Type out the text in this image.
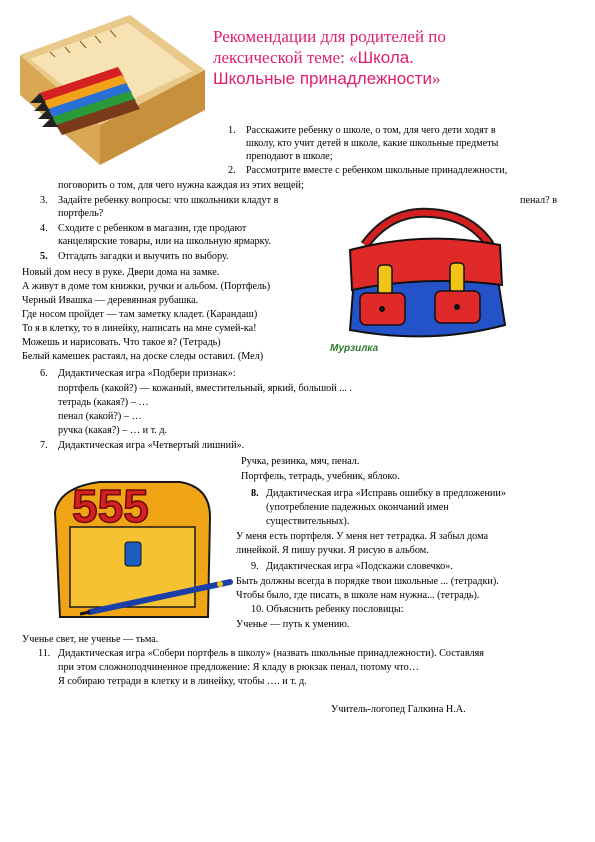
Рекомендации для родителей по
лексической теме: «Школа.
Школьные принадлежности»
1. Расскажите ребенку о школе, о том, для чего дети ходят в
школу, кто учит детей в школе, какие школьные предметы
преподают в школе;
2. Рассмотрите вместе с ребенком школьные принадлежности,
поговорить о том, для чего нужна каждая из этих вещей;
3. Задайте ребенку вопросы: что школьники кладут в	пенал? в
портфель?
4. Сходите с ребенком в магазин, где продают
канцелярские товары, или на школьную ярмарку.
5. Отгадать загадки и выучить по выбору.
Новый дом несу в руке. Двери дома на замке.
А живут в доме том книжки, ручки и альбом. (Портфель)
Черный Ивашка — деревянная рубашка.
Где носом пройдет — там заметку кладет. (Карандаш)
То я в клетку, то в линейку, написать на мне сумей-ка!
Можешь и нарисовать. Что такое я? (Тетрадь)
Белый камешек растаял, на доске следы оставил. (Мел)
Мурзилка
6. Дидактическая игра «Подбери признак»:
портфель (какой?) — кожаный, вместительный, яркий, большой ... .
тетрадь (какая?) – …
пенал (какой?) – …
ручка (какая?) – … и т. д.
7. Дидактическая игра «Четвертый лишний».
Ручка, резинка, мяч, пенал.
Портфель, тетрадь, учебник, яблоко.
555	8. Дидактическая игра «Исправь ошибку в предложении»
(употребление падежных окончаний имен
существительных).
У меня есть портфеля. У меня нет тетрадка. Я забыл дома
линейкой. Я пишу ручки. Я рисую в альбом.
9. Дидактическая игра «Подскажи словечко».
Быть должны всегда в порядке твои школьные ... (тетрадки).
Чтобы было, где писать, в школе нам нужна... (тетрадь).
10. Объяснить ребенку пословицы:
Ученье — путь к умению.
Ученье свет, не ученье — тьма.
11. Дидактическая игра «Собери портфель в школу» (назвать школьные принадлежности). Составляя
при этом сложноподчиненное предложение: Я кладу в рюкзак пенал, потому что…
Я собираю тетради в клетку и в линейку, чтобы …. и т. д.
Учитель-логопед Галкина Н.А.
